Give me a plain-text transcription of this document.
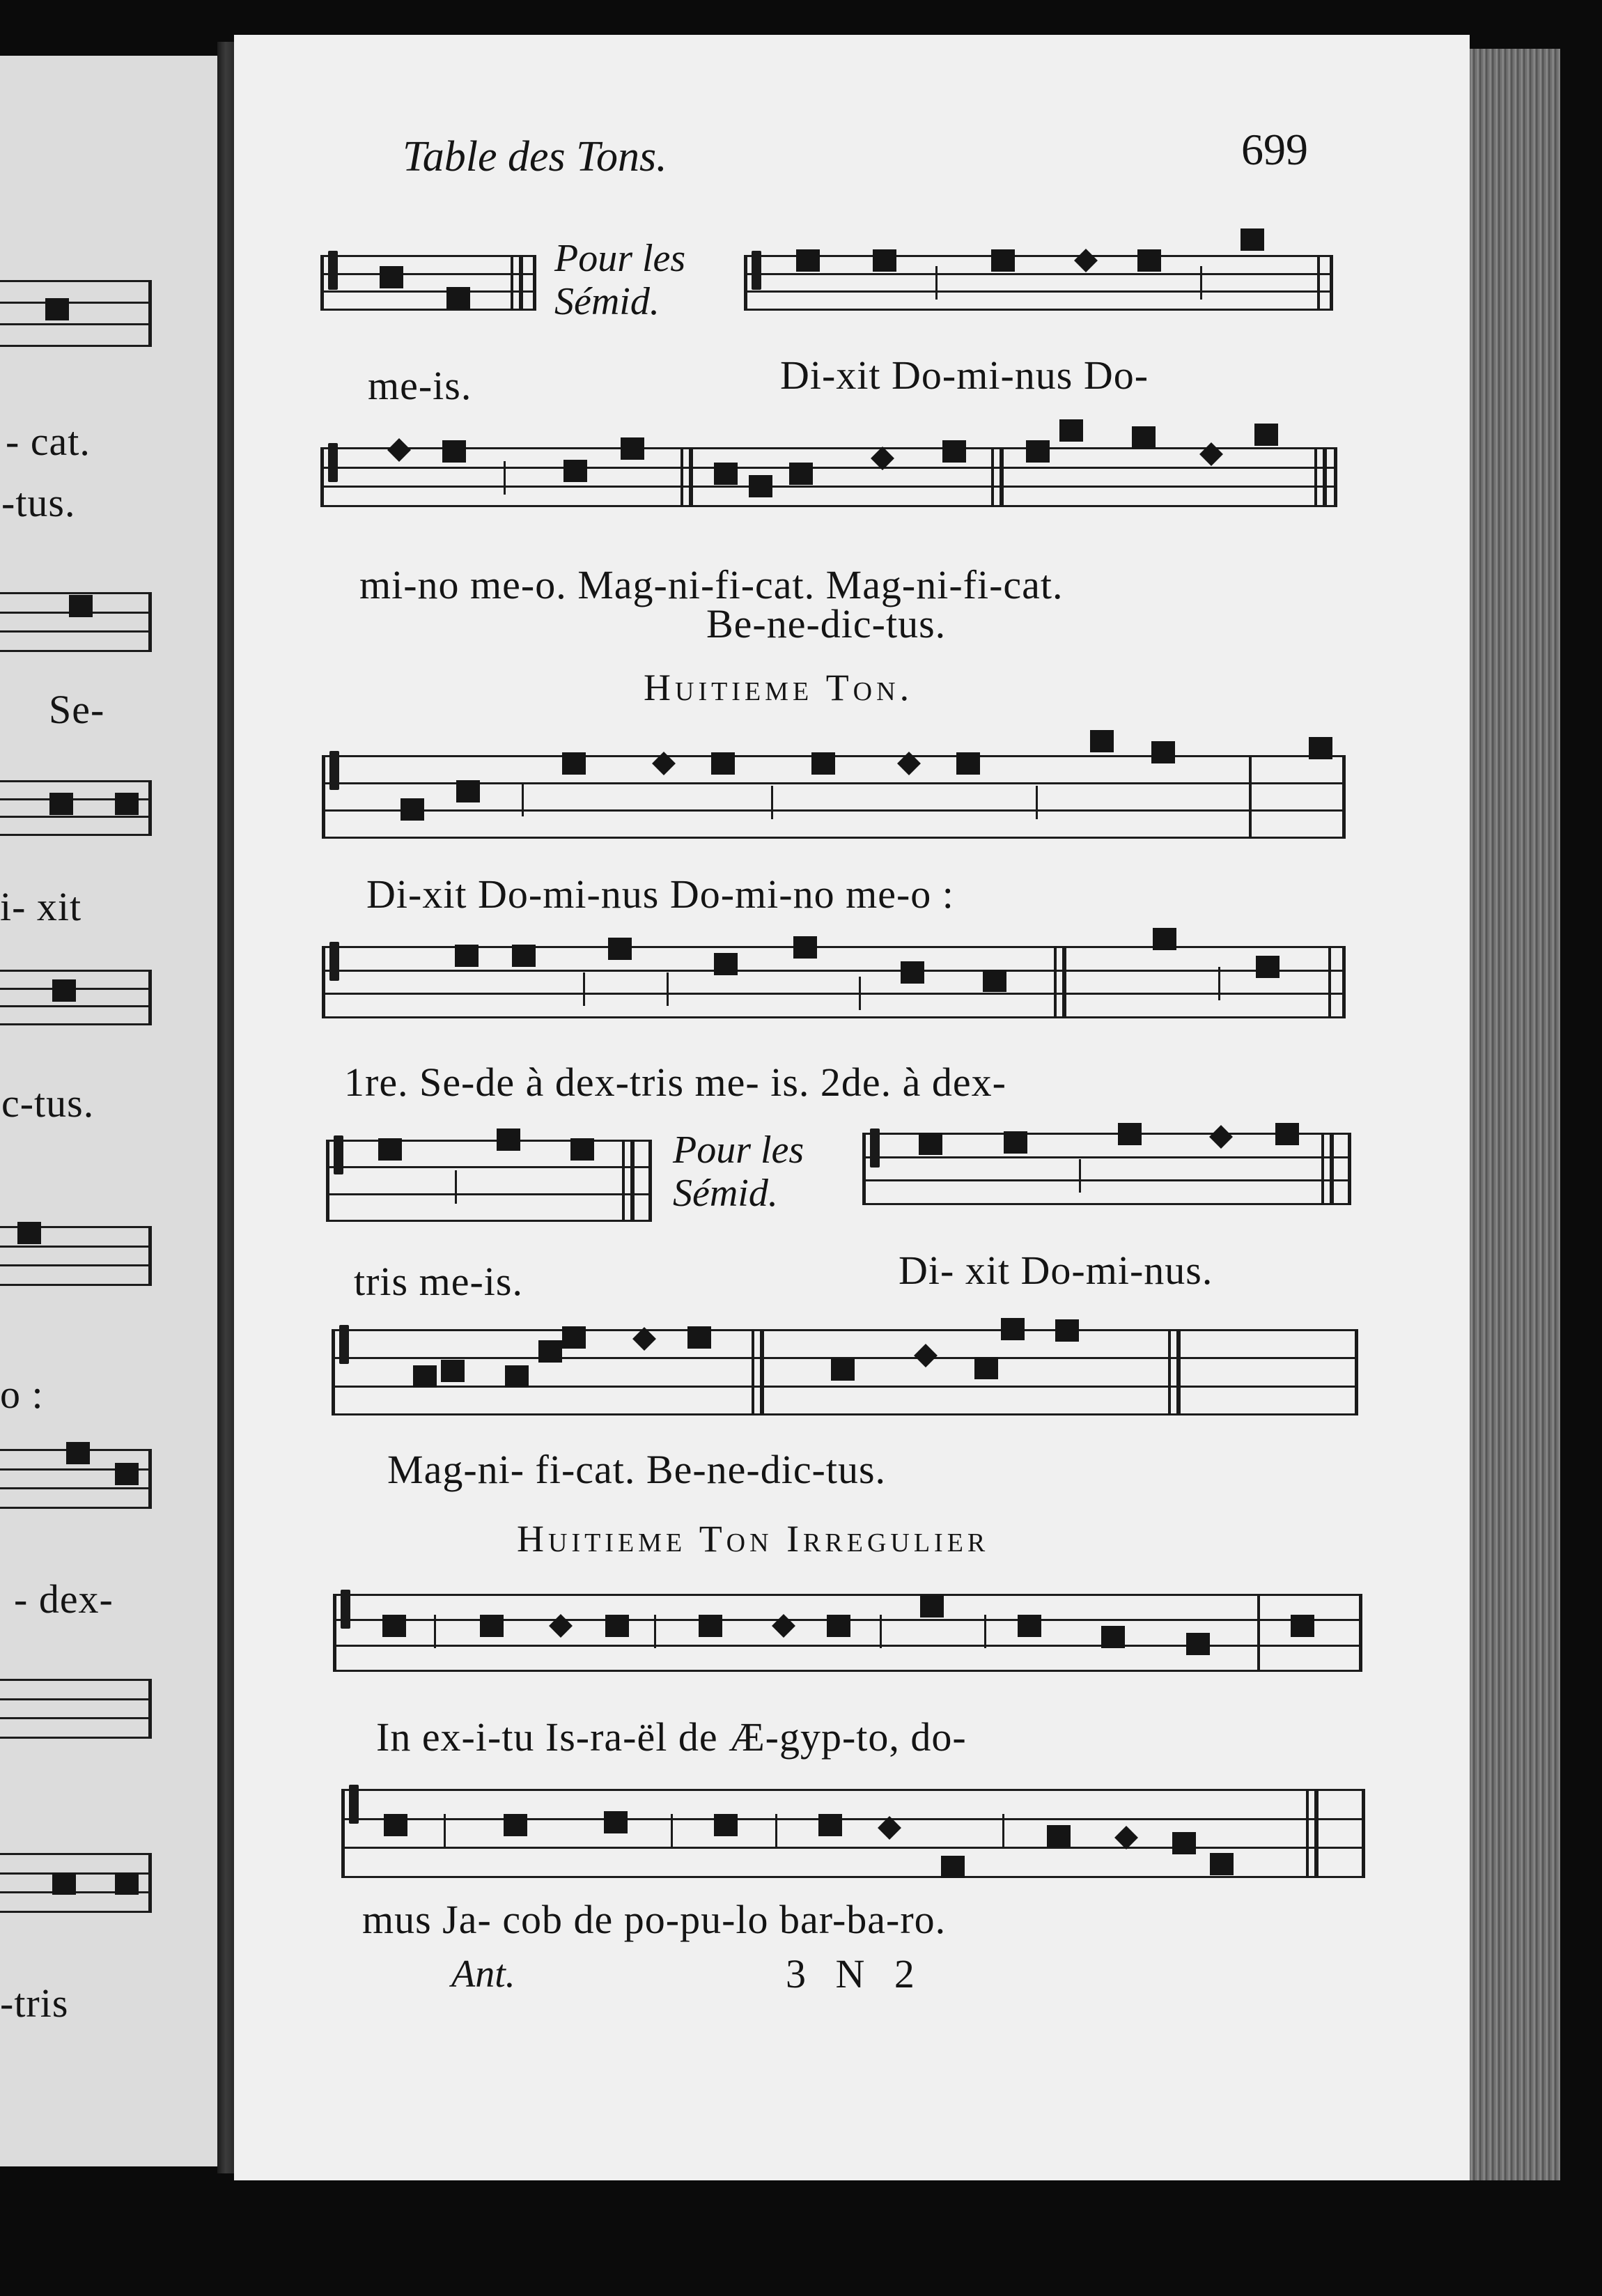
- cat.
-tus.
Se-
i- xit
c-tus.
o :
- dex-
-tris
Table des Tons.	699
Pour les
Sémid.
me-is.	Di-xit Do-mi-nus Do-
mi-no me-o. Mag-ni-fi-cat. Mag-ni-fi-cat.
Be-ne-dic-tus.
Huitieme Ton.
Di-xit Do-mi-nus Do-mi-no me-o :
1re. Se-de à dex-tris me- is. 2de. à dex-
Pour les
Sémid.
tris me-is.	Di- xit Do-mi-nus.
Mag-ni- fi-cat. Be-ne-dic-tus.
Huitieme Ton Irregulier
In ex-i-tu Is-ra-ël de Æ-gyp-to, do-
mus Ja- cob de po-pu-lo bar-ba-ro.
Ant.	3 N 2
